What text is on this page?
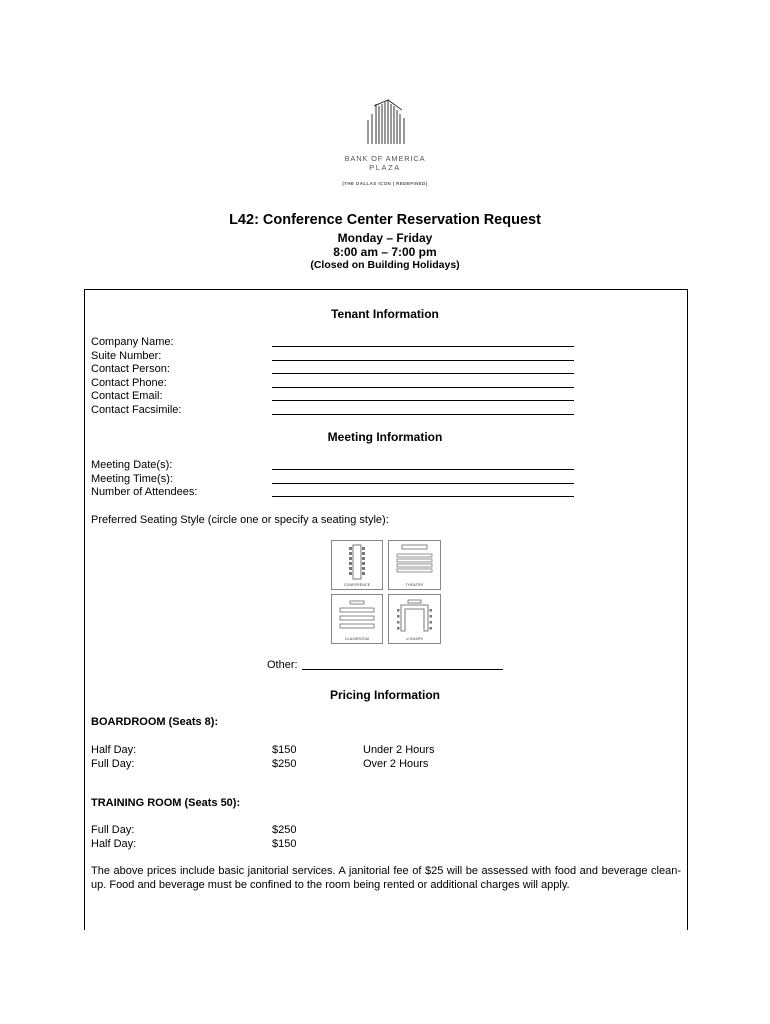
BANK OF AMERICA
PLAZA
[THE DALLAS ICON | REDEFINED]
L42: Conference Center Reservation Request
Monday – Friday
8:00 am – 7:00 pm
(Closed on Building Holidays)
Tenant Information
Company Name:
Suite Number:
Contact Person:
Contact Phone:
Contact Email:
Contact Facsimile:
Meeting Information
Meeting Date(s):
Meeting Time(s):
Number of Attendees:
Preferred Seating Style (circle one or specify a seating style):
CONFERENCE	THEATER
CLASSROOM	U-SHAPE
Other:
Pricing Information
BOARDROOM (Seats 8):
Half Day:	$150	Under 2 Hours
Full Day:	$250	Over 2 Hours
TRAINING ROOM (Seats 50):
Full Day:	$250
Half Day:	$150
The above prices include basic janitorial services. A janitorial fee of $25 will be assessed with food and beverage clean-up. Food and beverage must be confined to the room being rented or additional charges will apply.
